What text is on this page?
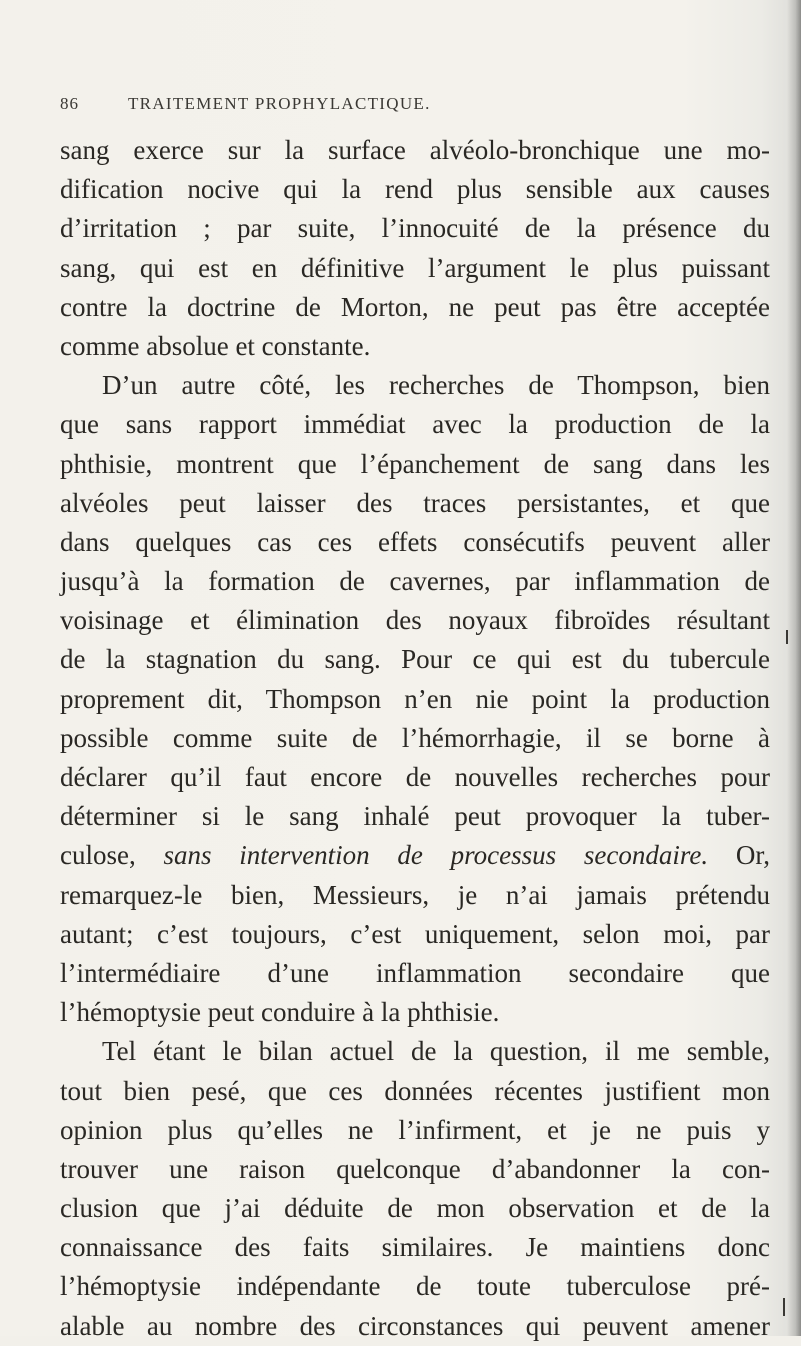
86	TRAITEMENT PROPHYLACTIQUE.
sang exerce sur la surface alvéolo-bronchique une mo-
dification nocive qui la rend plus sensible aux causes
d’irritation ; par suite, l’innocuité de la présence du
sang, qui est en définitive l’argument le plus puissant
contre la doctrine de Morton, ne peut pas être acceptée
comme absolue et constante.
D’un autre côté, les recherches de Thompson, bien
que sans rapport immédiat avec la production de la
phthisie, montrent que l’épanchement de sang dans les
alvéoles peut laisser des traces persistantes, et que
dans quelques cas ces effets consécutifs peuvent aller
jusqu’à la formation de cavernes, par inflammation de
voisinage et élimination des noyaux fibroïdes résultant
de la stagnation du sang. Pour ce qui est du tubercule
proprement dit, Thompson n’en nie point la production
possible comme suite de l’hémorrhagie, il se borne à
déclarer qu’il faut encore de nouvelles recherches pour
déterminer si le sang inhalé peut provoquer la tuber-
culose, sans intervention de processus secondaire. Or,
remarquez-le bien, Messieurs, je n’ai jamais prétendu
autant; c’est toujours, c’est uniquement, selon moi, par
l’intermédiaire d’une inflammation secondaire que
l’hémoptysie peut conduire à la phthisie.
Tel étant le bilan actuel de la question, il me semble,
tout bien pesé, que ces données récentes justifient mon
opinion plus qu’elles ne l’infirment, et je ne puis y
trouver une raison quelconque d’abandonner la con-
clusion que j’ai déduite de mon observation et de la
connaissance des faits similaires. Je maintiens donc
l’hémoptysie indépendante de toute tuberculose pré-
alable au nombre des circonstances qui peuvent amener
